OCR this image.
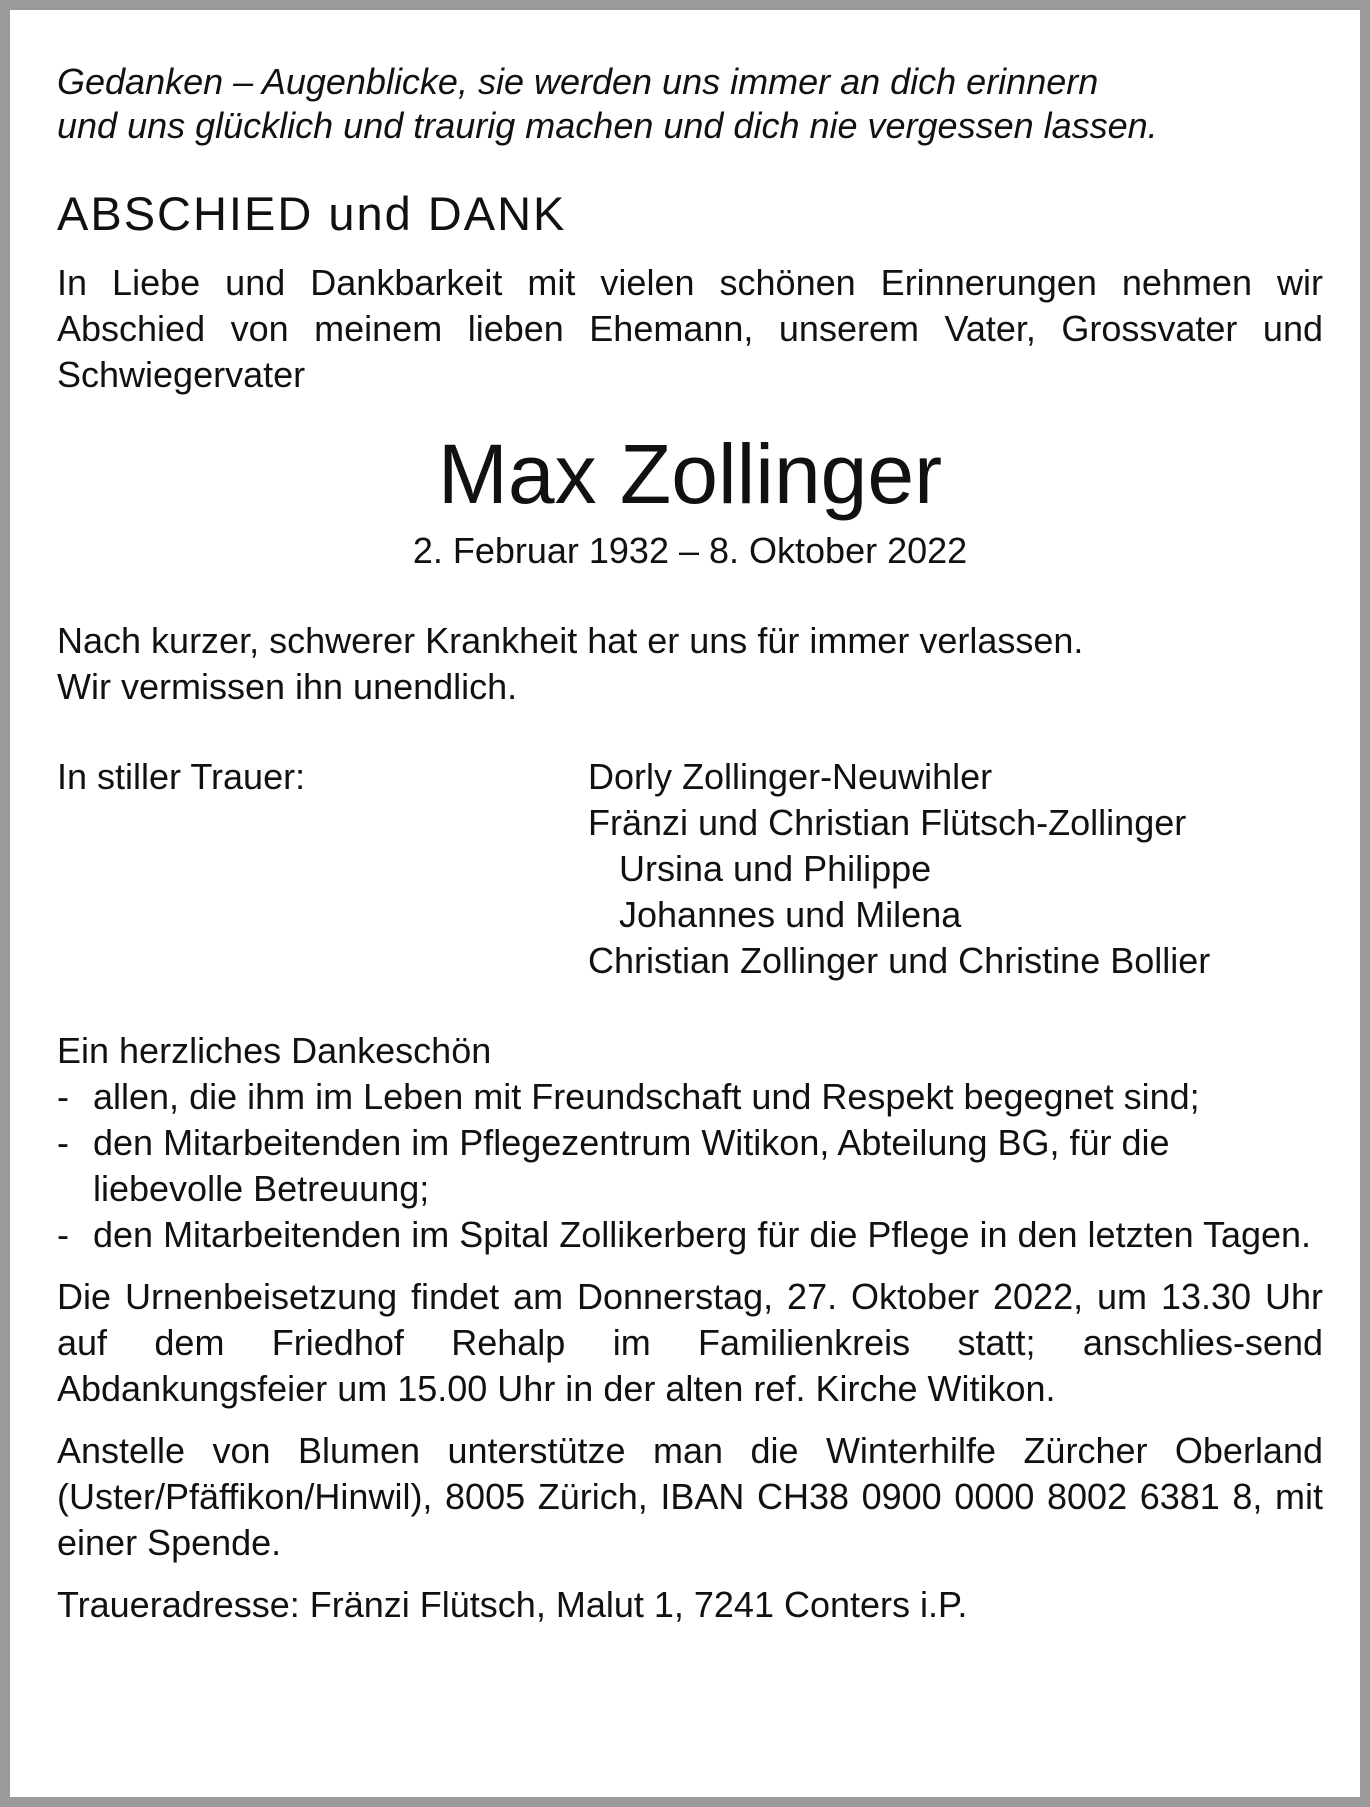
Gedanken – Augenblicke, sie werden uns immer an dich erinnern
und uns glücklich und traurig machen und dich nie vergessen lassen.
ABSCHIED und DANK

In Liebe und Dankbarkeit mit vielen schönen Erinnerungen nehmen wir Abschied von meinem lieben Ehemann, unserem Vater, Grossvater und Schwiegervater

Max Zollinger
2. Februar 1932 – 8. Oktober 2022
Nach kurzer, schwerer Krankheit hat er uns für immer verlassen.
Wir vermissen ihn unendlich.
In stiller Trauer:	Dorly Zollinger-Neuwihler
Fränzi und Christian Flütsch-Zollinger
Ursina und Philippe
Johannes und Milena
Christian Zollinger und Christine Bollier
Ein herzliches Dankeschön
- allen, die ihm im Leben mit Freundschaft und Respekt begegnet sind;
- den Mitarbeitenden im Pflegezentrum Witikon, Abteilung BG, für die liebevolle Betreuung;
- den Mitarbeitenden im Spital Zollikerberg für die Pflege in den letzten Tagen.

Die Urnenbeisetzung findet am Donnerstag, 27. Oktober 2022, um 13.30 Uhr auf dem Friedhof Rehalp im Familienkreis statt; anschlies-send Abdankungsfeier um 15.00 Uhr in der alten ref. Kirche Witikon.

Anstelle von Blumen unterstütze man die Winterhilfe Zürcher Oberland (Uster/Pfäffikon/Hinwil), 8005 Zürich, IBAN CH38 0900 0000 8002 6381 8, mit einer Spende.

Traueradresse: Fränzi Flütsch, Malut 1, 7241 Conters i.P.
